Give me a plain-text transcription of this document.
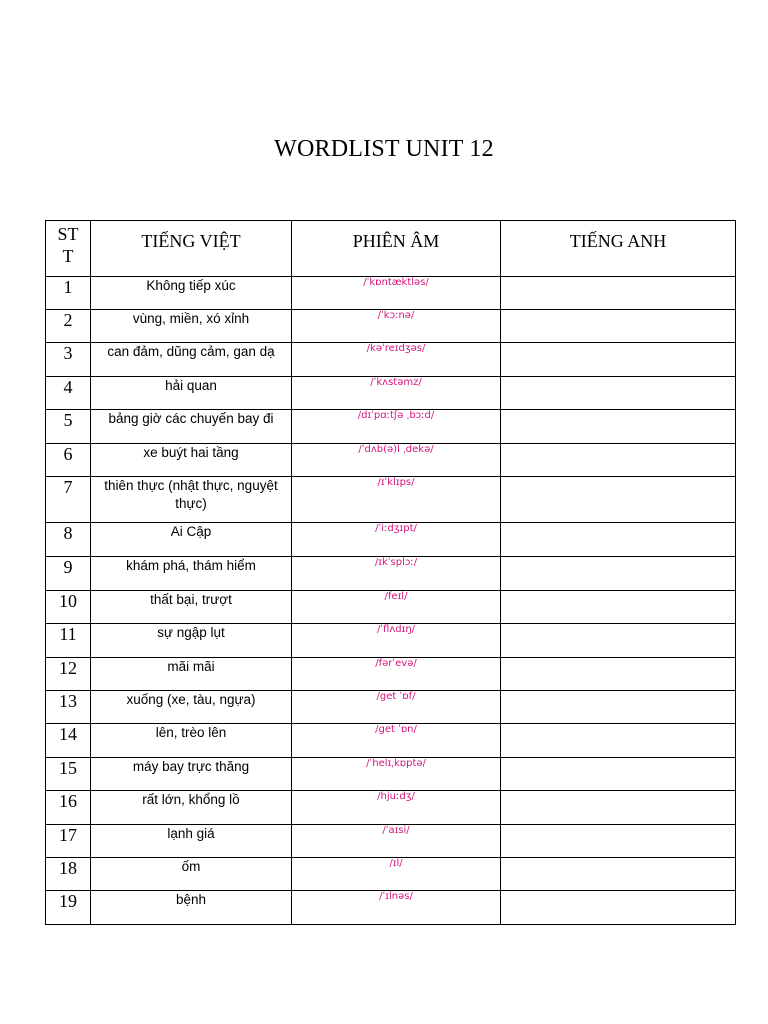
WORDLIST UNIT 12
ST
T	TIẾNG VIỆT	PHIÊN ÂM	TIẾNG ANH

1	Không tiếp xúc	/ˈkɒntæktləs/	
2	vùng, miền, xó xỉnh	/ˈkɔːnə/	
3	can đảm, dũng cảm, gan dạ	/kəˈreɪdʒəs/	
4	hải quan	/ˈkʌstəmz/	
5	bảng giờ các chuyến bay đi	/dɪˈpɑːtʃə ˌbɔːd/	
6	xe buýt hai tầng	/ˈdʌb(ə)l ˌdekə/	
7	thiên thực (nhật thực, nguyệt thực)	/ɪˈklɪps/	
8	Ai Cập	/ˈiːdʒɪpt/	
9	khám phá, thám hiểm	/ɪkˈsplɔː/	
10	thất bại, trượt	/feɪl/	
11	sự ngập lụt	/ˈflʌdɪŋ/	
12	mãi mãi	/fərˈevə/	
13	xuống (xe, tàu, ngựa)	/get ˈɒf/	
14	lên, trèo lên	/get ˈɒn/	
15	máy bay trực thăng	/ˈhelɪˌkɒptə/	
16	rất lớn, khổng lồ	/hjuːdʒ/	
17	lạnh giá	/ˈaɪsi/	
18	ốm	/ɪl/	
19	bệnh	/ˈɪlnəs/	
